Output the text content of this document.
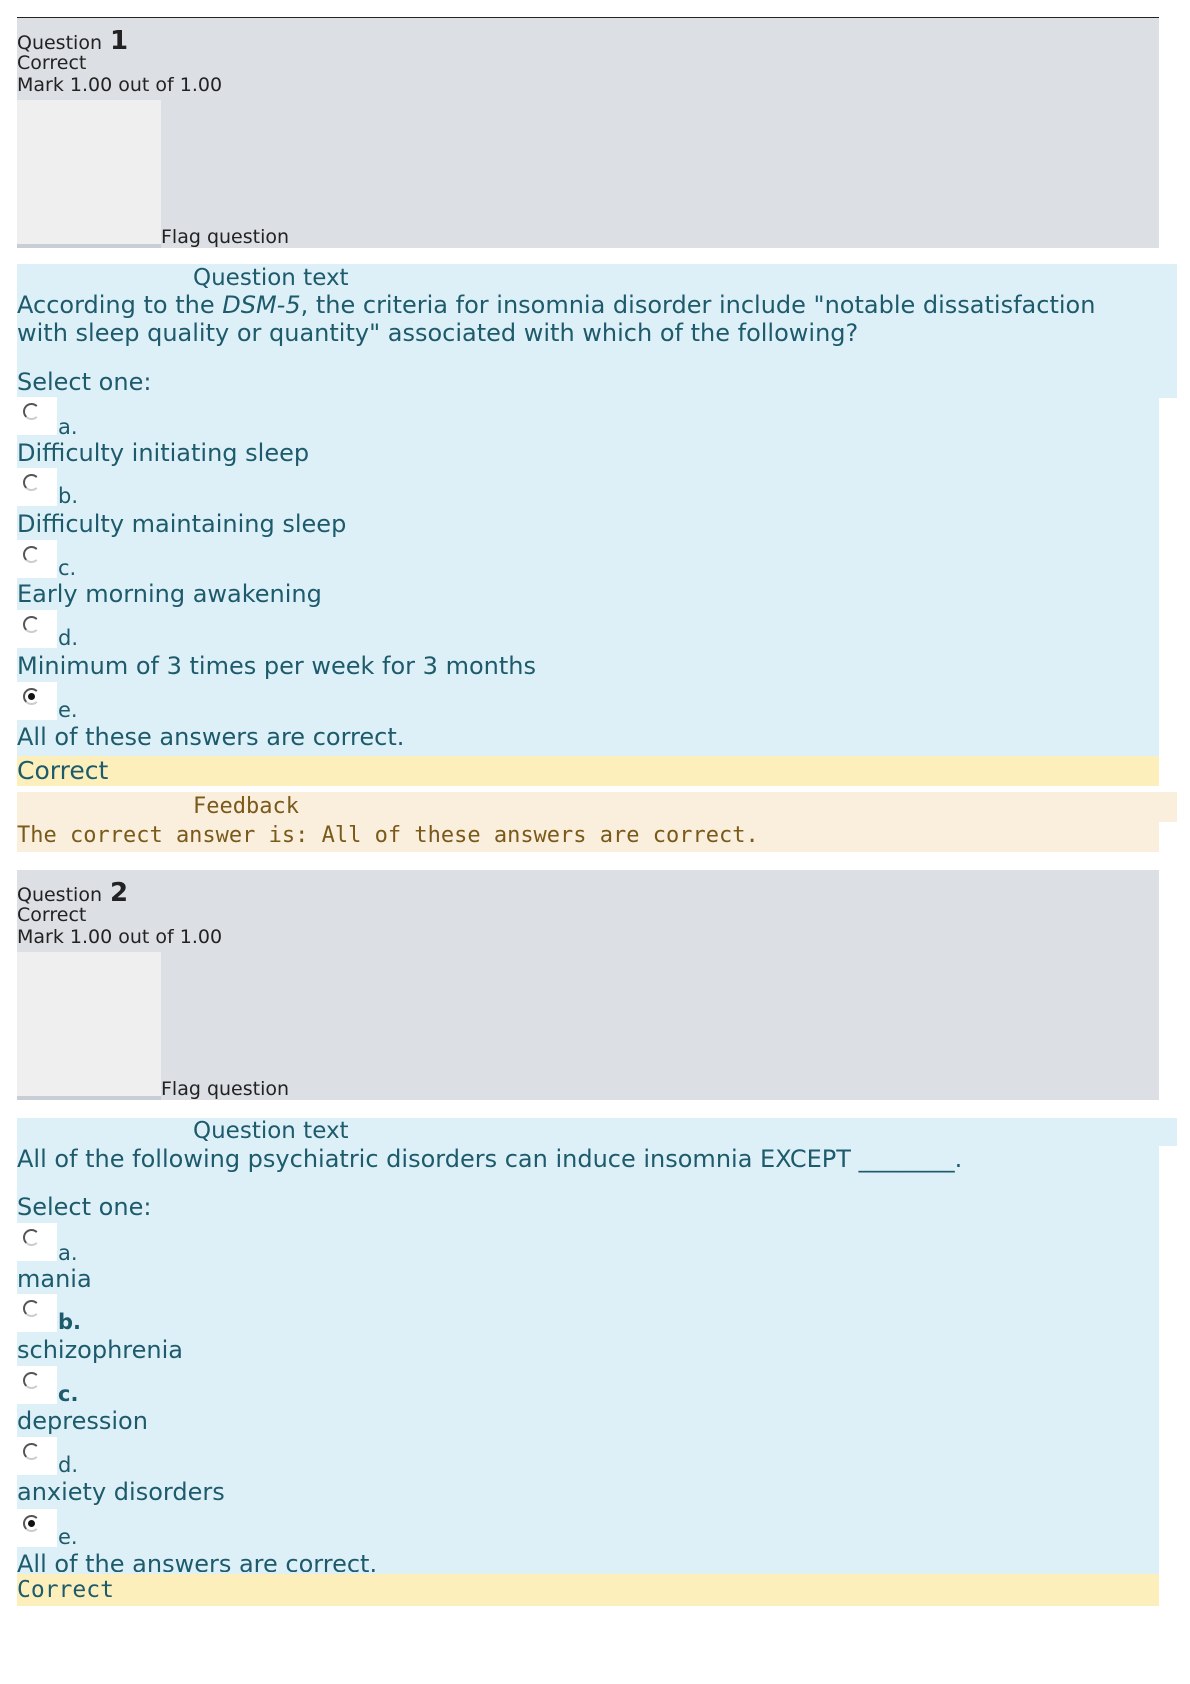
Question 1
Correct
Mark 1.00 out of 1.00
Flag question
Question text
According to the DSM-5, the criteria for insomnia disorder include "notable dissatisfaction with sleep quality or quantity" associated with which of the following?
Select one:
a.
Difficulty initiating sleep
b.
Difficulty maintaining sleep
c.
Early morning awakening
d.
Minimum of 3 times per week for 3 months
e.
All of these answers are correct.
Correct
Feedback
The correct answer is: All of these answers are correct.
Question 2
Correct
Mark 1.00 out of 1.00
Flag question
Question text
All of the following psychiatric disorders can induce insomnia EXCEPT ________.
Select one:
a.
mania
b.
schizophrenia
c.
depression
d.
anxiety disorders
e.
All of the answers are correct.
Correct
